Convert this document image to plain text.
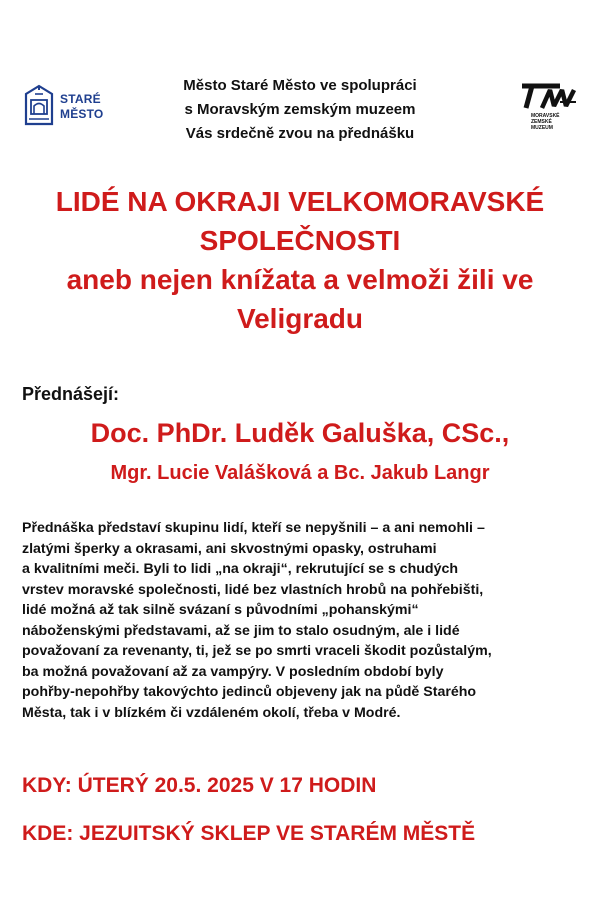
STARÉ
MĚSTO	MORAVSKÉ
ZEMSKÉ
MUZEUM
Město Staré Město ve spolupráci
s Moravským zemským muzeem
Vás srdečně zvou na přednášku
LIDÉ NA OKRAJI VELKOMORAVSKÉ
SPOLEČNOSTI
aneb nejen knížata a velmoži žili ve
Veligradu
Přednášejí:
Doc. PhDr. Luděk Galuška, CSc.,
Mgr. Lucie Valášková a Bc. Jakub Langr
Přednáška představí skupinu lidí, kteří se nepyšnili – a ani nemohli –
zlatými šperky a okrasami, ani skvostnými opasky, ostruhami
a kvalitními meči. Byli to lidi „na okraji“, rekrutující se s chudých
vrstev moravské společnosti, lidé bez vlastních hrobů na pohřebišti,
lidé možná až tak silně svázaní s původními „pohanskými“
náboženskými představami, až se jim to stalo osudným, ale i lidé
považovaní za revenanty, ti, jež se po smrti vraceli škodit pozůstalým,
ba možná považovaní až za vampýry. V posledním období byly
pohřby-nepohřby takovýchto jedinců objeveny jak na půdě Starého
Města, tak i v blízkém či vzdáleném okolí, třeba v Modré.
KDY: ÚTERÝ 20.5. 2025 V 17 HODIN
KDE: JEZUITSKÝ SKLEP VE STARÉM MĚSTĚ
